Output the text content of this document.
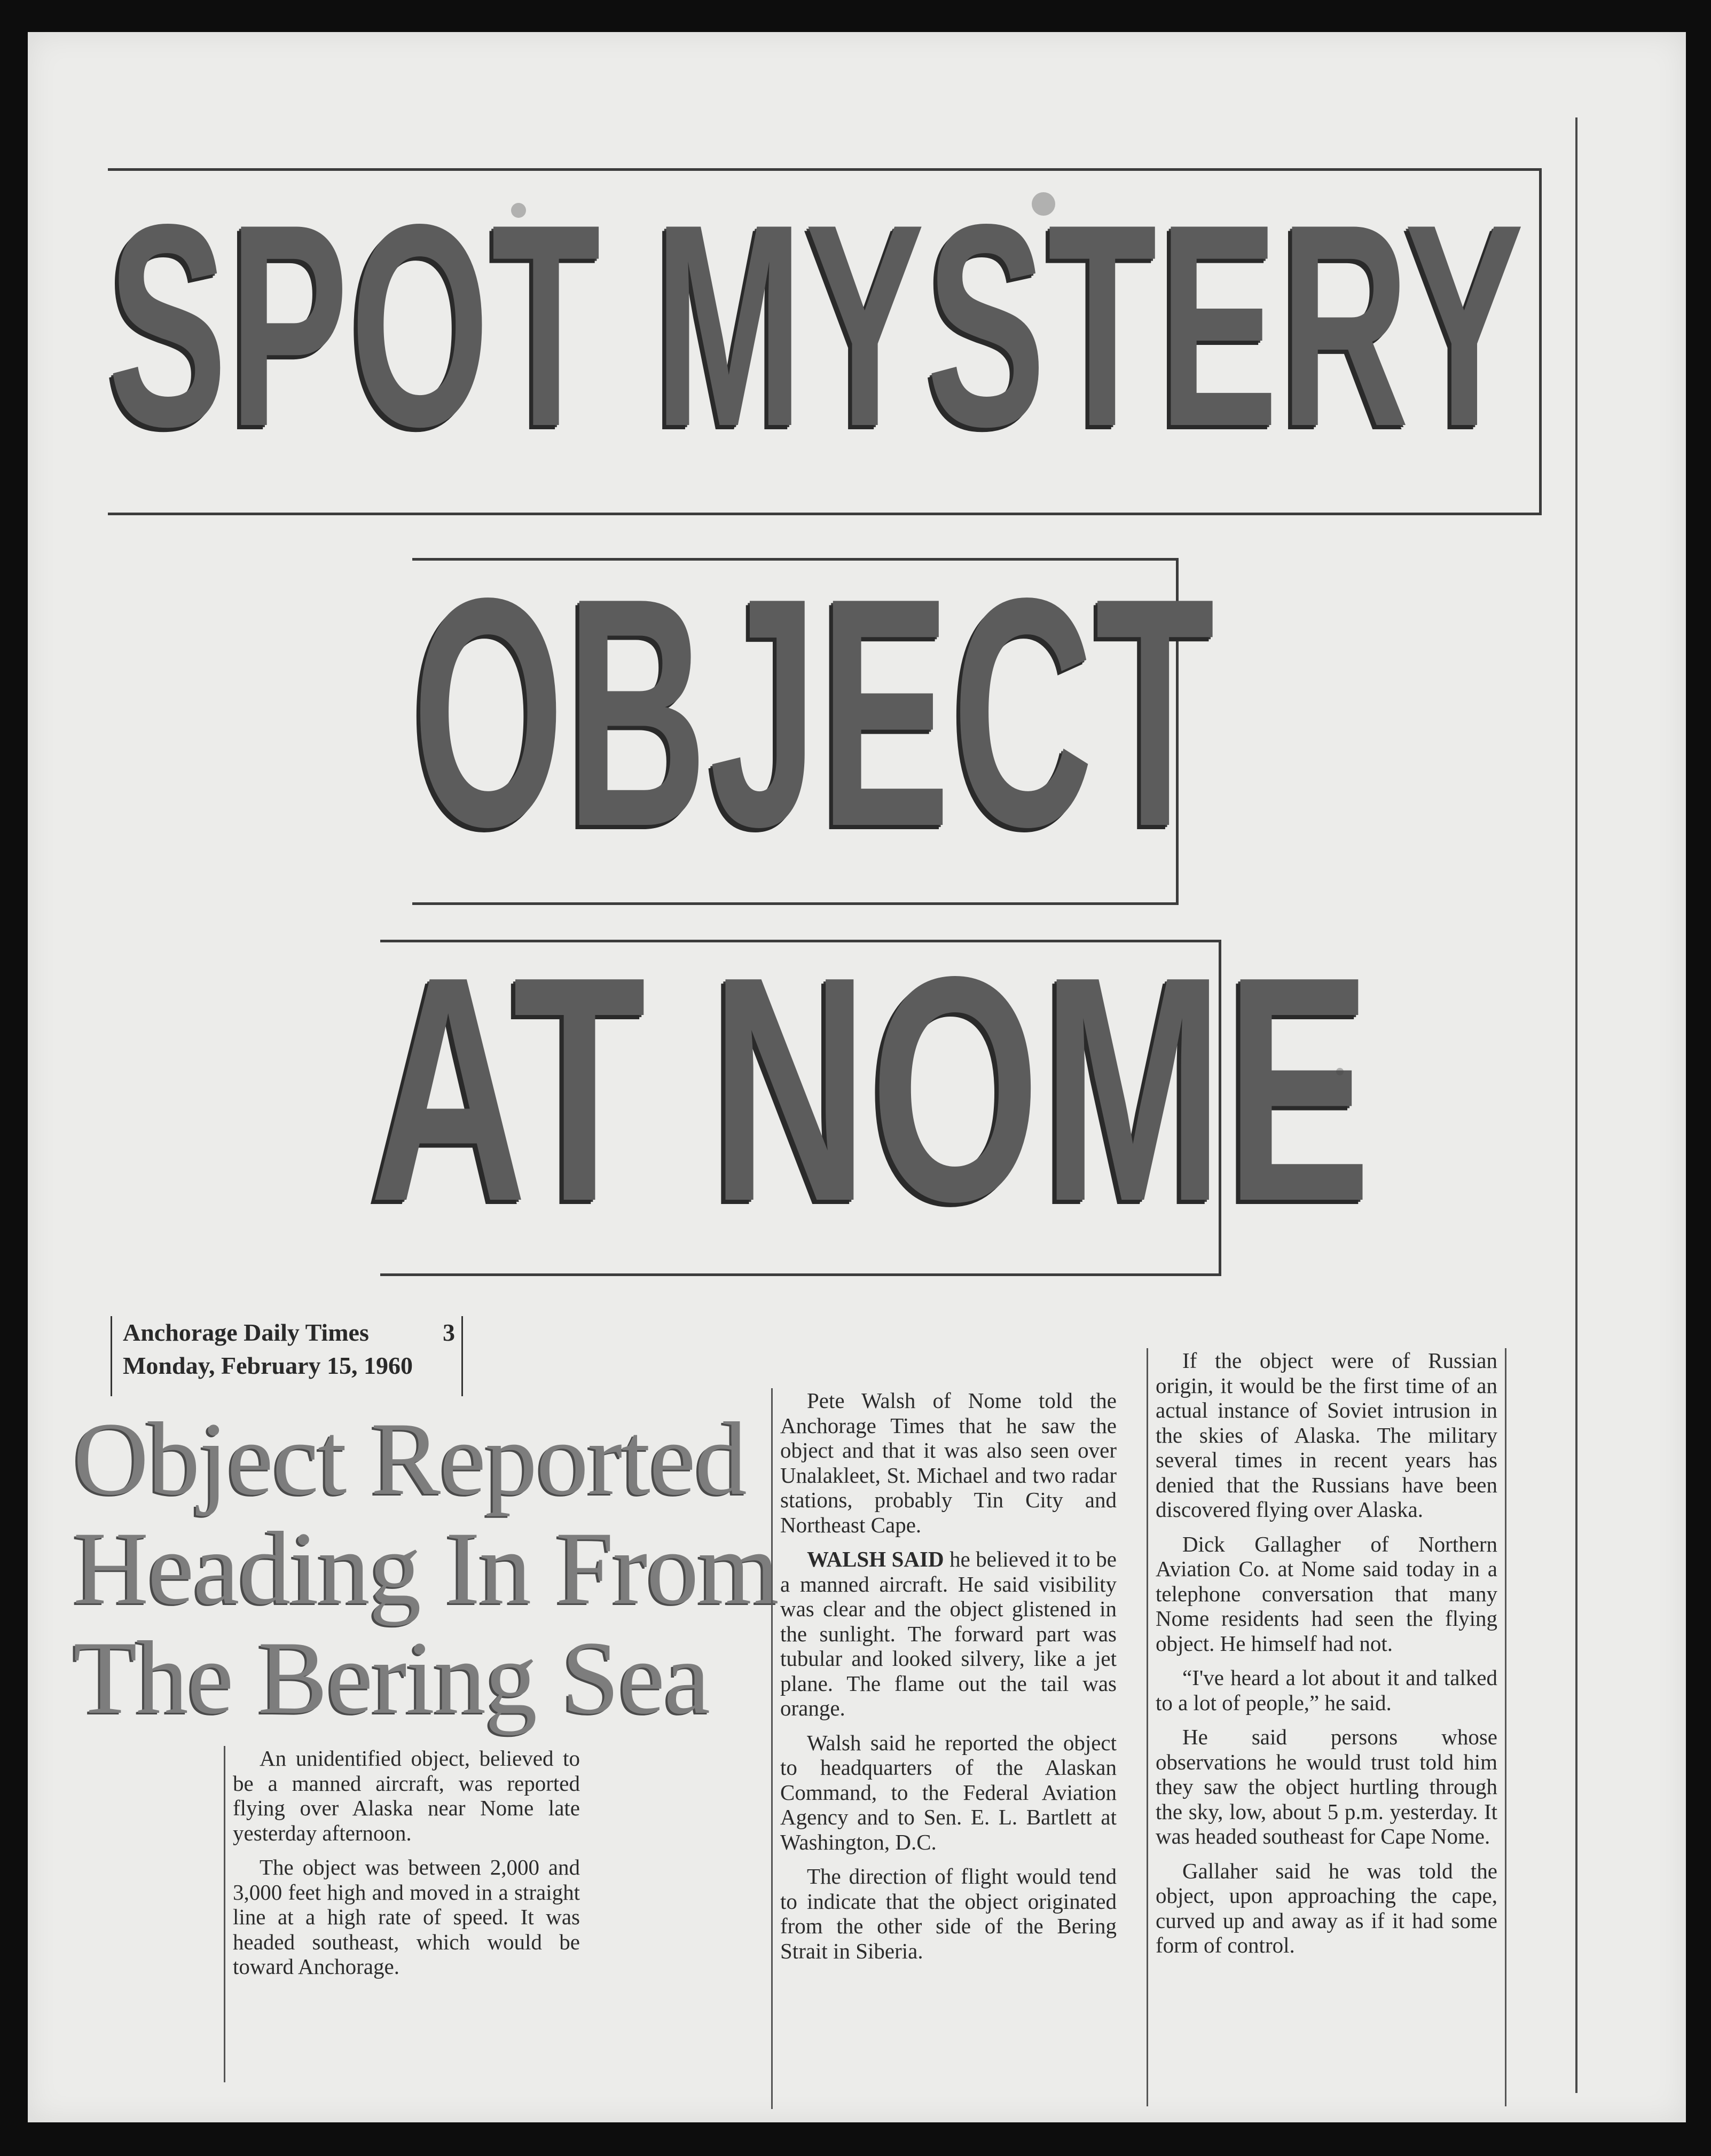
SPOT MYSTERY
OBJECT
AT NOME
Anchorage Daily Times	3
Monday, February 15, 1960
Object Reported
Heading In From
The Bering Sea

An unidentified object, believed to be a manned aircraft, was reported flying over Alaska near Nome late yesterday afternoon.

The object was between 2,000 and 3,000 feet high and moved in a straight line at a high rate of speed. It was headed southeast, which would be toward Anchorage.

Pete Walsh of Nome told the Anchorage Times that he saw the object and that it was also seen over Unalakleet, St. Michael and two radar stations, probably Tin City and Northeast Cape.

WALSH SAID he believed it to be a manned aircraft. He said visibility was clear and the object glistened in the sunlight. The forward part was tubular and looked silvery, like a jet plane. The flame out the tail was orange.

Walsh said he reported the object to headquarters of the Alaskan Command, to the Federal Aviation Agency and to Sen. E. L. Bartlett at Washington, D.C.

The direction of flight would tend to indicate that the object originated from the other side of the Bering Strait in Siberia.

If the object were of Russian origin, it would be the first time of an actual instance of Soviet intrusion in the skies of Alaska. The military several times in recent years has denied that the Russians have been discovered flying over Alaska.

Dick Gallagher of Northern Aviation Co. at Nome said today in a telephone conversation that many Nome residents had seen the flying object. He himself had not.

“I've heard a lot about it and talked to a lot of people,” he said.

He said persons whose observations he would trust told him they saw the object hurtling through the sky, low, about 5 p.m. yesterday. It was headed southeast for Cape Nome.

Gallaher said he was told the object, upon approaching the cape, curved up and away as if it had some form of control.
